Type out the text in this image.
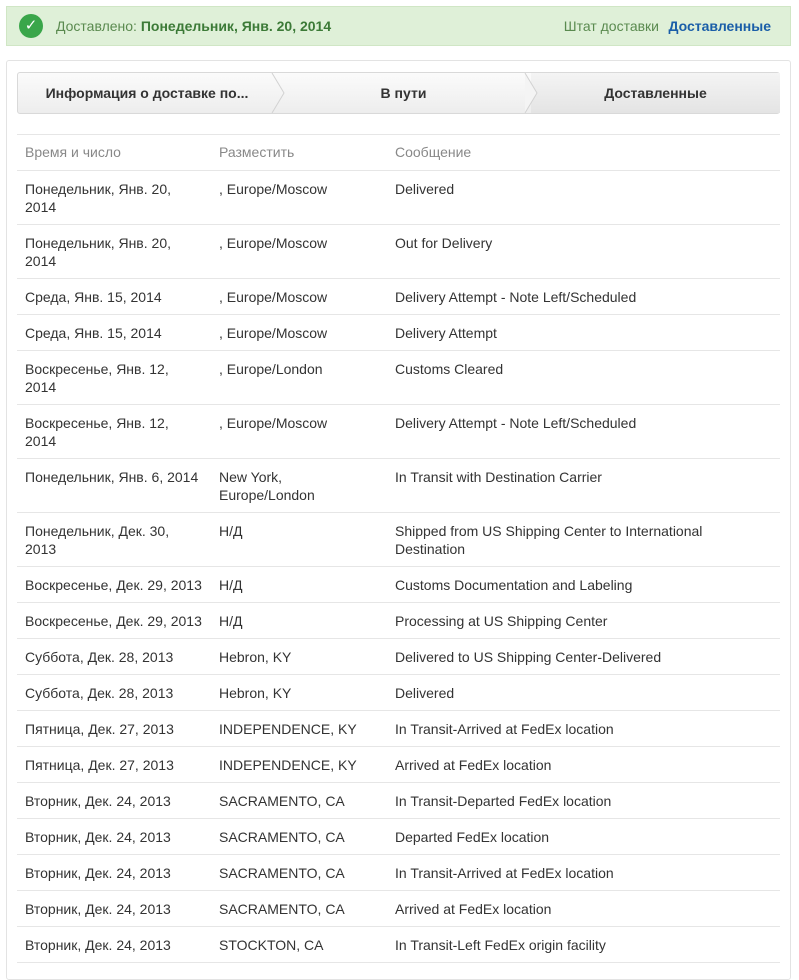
✓	Доставлено: Понедельник, Янв. 20, 2014	Штат доставки Доставленные
Информация о доставке по...	В пути	Доставленные
Время и число	Разместить	Сообщение
Понедельник, Янв. 20, 2014	, Europe/Moscow	Delivered
Понедельник, Янв. 20, 2014	, Europe/Moscow	Out for Delivery
Среда, Янв. 15, 2014	, Europe/Moscow	Delivery Attempt - Note Left/Scheduled
Среда, Янв. 15, 2014	, Europe/Moscow	Delivery Attempt
Воскресенье, Янв. 12, 2014	, Europe/London	Customs Cleared
Воскресенье, Янв. 12, 2014	, Europe/Moscow	Delivery Attempt - Note Left/Scheduled
Понедельник, Янв. 6, 2014	New York, Europe/London	In Transit with Destination Carrier
Понедельник, Дек. 30, 2013	Н/Д	Shipped from US Shipping Center to International Destination
Воскресенье, Дек. 29, 2013	Н/Д	Customs Documentation and Labeling
Воскресенье, Дек. 29, 2013	Н/Д	Processing at US Shipping Center
Суббота, Дек. 28, 2013	Hebron, KY	Delivered to US Shipping Center-Delivered
Суббота, Дек. 28, 2013	Hebron, KY	Delivered
Пятница, Дек. 27, 2013	INDEPENDENCE, KY	In Transit-Arrived at FedEx location
Пятница, Дек. 27, 2013	INDEPENDENCE, KY	Arrived at FedEx location
Вторник, Дек. 24, 2013	SACRAMENTO, CA	In Transit-Departed FedEx location
Вторник, Дек. 24, 2013	SACRAMENTO, CA	Departed FedEx location
Вторник, Дек. 24, 2013	SACRAMENTO, CA	In Transit-Arrived at FedEx location
Вторник, Дек. 24, 2013	SACRAMENTO, CA	Arrived at FedEx location
Вторник, Дек. 24, 2013	STOCKTON, CA	In Transit-Left FedEx origin facility
